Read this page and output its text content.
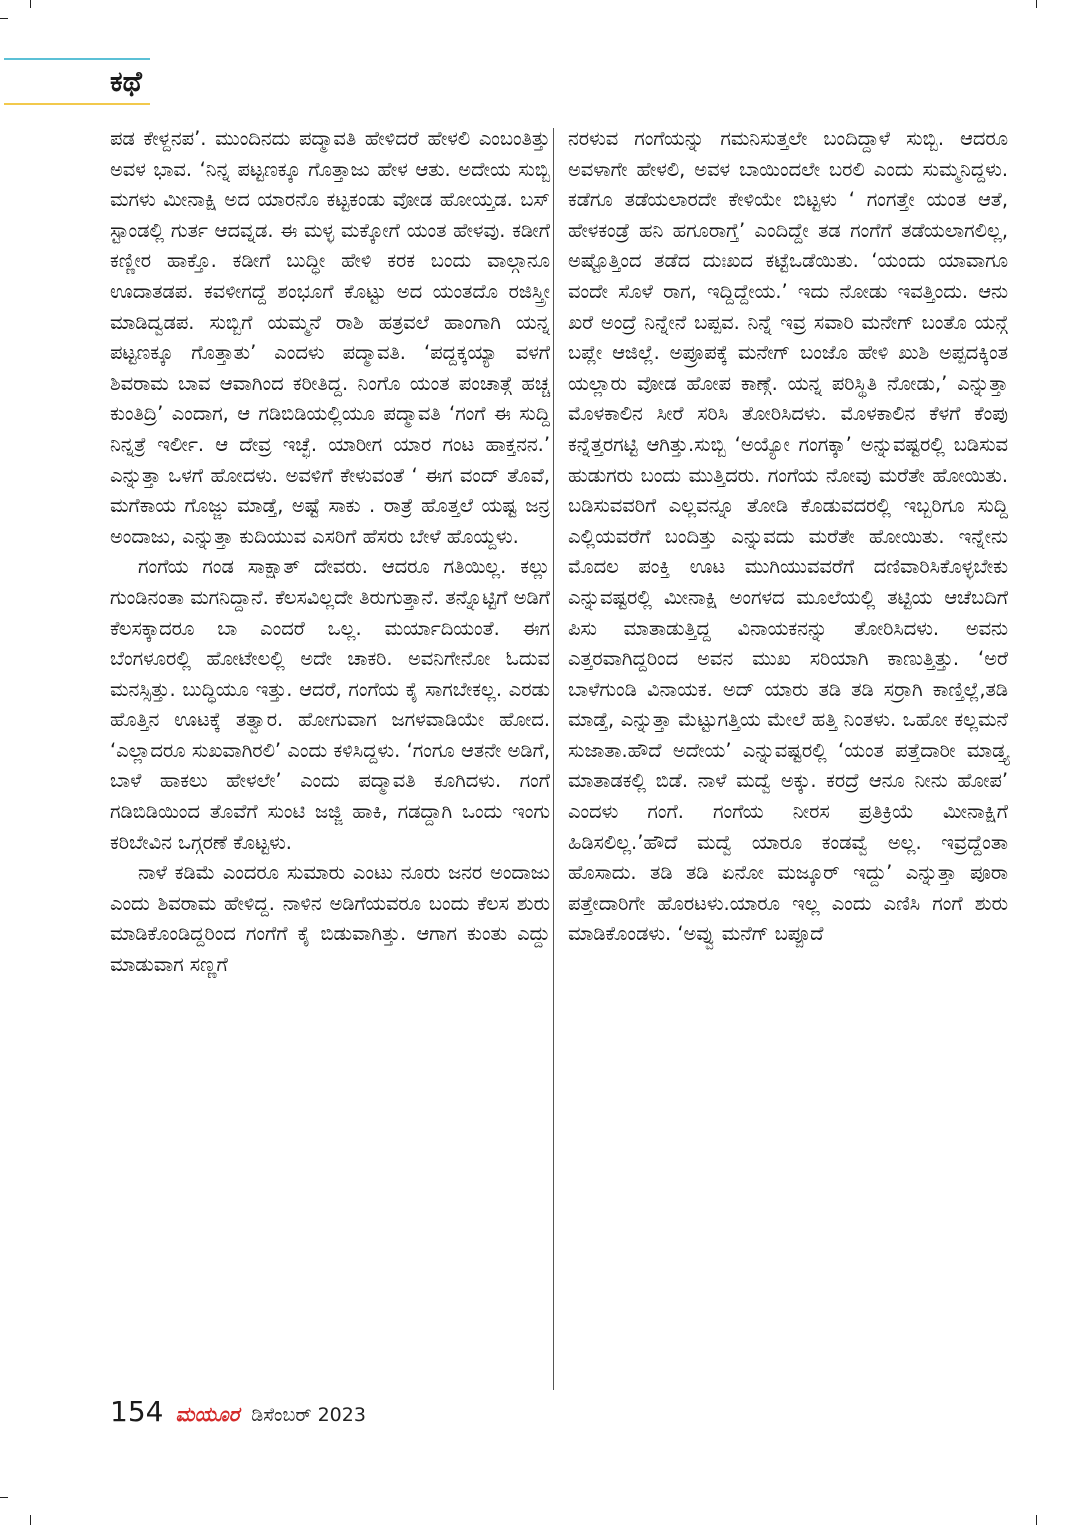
ಕಥೆ

ಪಡ ಕೇಳ್ದನಪ’. ಮುಂದಿನದು ಪದ್ಮಾವತಿ ಹೇಳಿದರೆ ಹೇಳಲಿ ಎಂಬಂತಿತ್ತು ಅವಳ ಭಾವ. ‘ನಿನ್ನ ಪಟ್ಟಣಕ್ಕೂ ಗೊತ್ತಾಜು ಹೇಳ ಆತು. ಅದೇಯ ಸುಬ್ಬಿ ಮಗಳು ಮೀನಾಕ್ಷಿ ಅದ ಯಾರನೊ ಕಟ್ಟಕಂಡು ವೋಡ ಹೋಯ್ತಡ. ಬಸ್ ಸ್ಟಾಂಡಲ್ಲಿ ಗುರ್ತ ಆದವ್ನಡ. ಈ ಮಳ್ಳ ಮಕ್ಕೋಗೆ ಯಂತ ಹೇಳವು. ಕಡೀಗೆ ಕಣ್ಣೀರ ಹಾಕ್ತೊ. ಕಡೀಗೆ ಬುದ್ಧೀ ಹೇಳಿ ಕರಕ ಬಂದು ವಾಲ್ಗಾನೂ ಊದಾತಡಪ. ಕವಳೀಗದ್ದೆ ಶಂಭೂಗೆ ಕೊಟ್ಟು ಅದ ಯಂತದೊ ರಜಿಸ್ತ್ರೀ ಮಾಡಿದ್ವಡಪ. ಸುಬ್ಬಿಗೆ ಯಮ್ಮನೆ ರಾಶಿ ಹತ್ರವಲೆ ಹಾಂಗಾಗಿ ಯನ್ನ ಪಟ್ಟಣಕ್ಕೂ ಗೊತ್ತಾತು’ ಎಂದಳು ಪದ್ಮಾವತಿ. ‘ಪದ್ದಕ್ಕಯ್ಯಾ ವಳಗೆ ಶಿವರಾಮ ಬಾವ ಆವಾಗಿಂದ ಕರೀತಿದ್ದ. ನಿಂಗೊ ಯಂತ ಪಂಚಾತ್ಗೆ ಹಚ್ಚ ಕುಂತಿದ್ರಿ’ ಎಂದಾಗ, ಆ ಗಡಿಬಿಡಿಯಲ್ಲಿಯೂ ಪದ್ಮಾವತಿ ‘ಗಂಗೆ ಈ ಸುದ್ದಿ ನಿನ್ನತ್ರೆ ಇರ್ಲೀ. ಆ ದೇವ್ರ ಇಚ್ಛೆ. ಯಾರೀಗ ಯಾರ ಗಂಟ ಹಾಕ್ತನನ.’ ಎನ್ನುತ್ತಾ ಒಳಗೆ ಹೋದಳು. ಅವಳಿಗೆ ಕೇಳುವಂತೆ ‘ ಈಗ ವಂದ್ ತೊವೆ, ಮಗೆಕಾಯ ಗೊಜ್ಜು ಮಾಡ್ತೆ, ಅಷ್ಟೆ ಸಾಕು . ರಾತ್ರೆ ಹೊತ್ತಲೆ ಯಷ್ಟ ಜನ್ರ ಅಂದಾಜು, ಎನ್ನುತ್ತಾ ಕುದಿಯುವ ಎಸರಿಗೆ ಹೆಸರು ಬೇಳೆ ಹೊಯ್ದಳು.

ಗಂಗೆಯ ಗಂಡ ಸಾಕ್ಷಾತ್ ದೇವರು. ಆದರೂ ಗತಿಯಿಲ್ಲ. ಕಲ್ಲು ಗುಂಡಿನಂತಾ ಮಗನಿದ್ದಾನೆ. ಕೆಲಸವಿಲ್ಲದೇ ತಿರುಗುತ್ತಾನೆ. ತನ್ನೊಟ್ಟಿಗೆ ಅಡಿಗೆ ಕೆಲಸಕ್ಕಾದರೂ ಬಾ ಎಂದರೆ ಒಲ್ಲ. ಮರ್ಯಾದಿಯಂತೆ. ಈಗ ಬೆಂಗಳೂರಲ್ಲಿ ಹೋಟೇಲಲ್ಲಿ ಅದೇ ಚಾಕರಿ. ಅವನಿಗೇನೋ ಓದುವ ಮನಸ್ಸಿತ್ತು. ಬುದ್ಧಿಯೂ ಇತ್ತು. ಆದರೆ, ಗಂಗೆಯ ಕೈ ಸಾಗಬೇಕಲ್ಲ. ಎರಡು ಹೊತ್ತಿನ ಊಟಕ್ಕೆ ತತ್ವಾರ. ಹೋಗುವಾಗ ಜಗಳವಾಡಿಯೇ ಹೋದ. ‘ಎಲ್ಲಾದರೂ ಸುಖವಾಗಿರಲಿ’ ಎಂದು ಕಳಿಸಿದ್ದಳು. ‘ಗಂಗೂ ಆತನೇ ಅಡಿಗೆ, ಬಾಳೆ ಹಾಕಲು ಹೇಳಲೇ’ ಎಂದು ಪದ್ಮಾವತಿ ಕೂಗಿದಳು. ಗಂಗೆ ಗಡಿಬಿಡಿಯಿಂದ ತೊವೆಗೆ ಸುಂಟಿ ಜಜ್ಜಿ ಹಾಕಿ, ಗಡದ್ದಾಗಿ ಒಂದು ಇಂಗು ಕರಿಬೇವಿನ ಒಗ್ಗರಣೆ ಕೊಟ್ಟಳು.

ನಾಳೆ ಕಡಿಮೆ ಎಂದರೂ ಸುಮಾರು ಎಂಟು ನೂರು ಜನರ ಅಂದಾಜು ಎಂದು ಶಿವರಾಮ ಹೇಳಿದ್ದ. ನಾಳಿನ ಅಡಿಗೆಯವರೂ ಬಂದು ಕೆಲಸ ಶುರು ಮಾಡಿಕೊಂಡಿದ್ದರಿಂದ ಗಂಗೆಗೆ ಕೈ ಬಿಡುವಾಗಿತ್ತು. ಆಗಾಗ ಕುಂತು ಎದ್ದು ಮಾಡುವಾಗ ಸಣ್ಣಗೆ

ನರಳುವ ಗಂಗೆಯನ್ನು ಗಮನಿಸುತ್ತಲೇ ಬಂದಿದ್ದಾಳೆ ಸುಬ್ಬಿ. ಆದರೂ ಅವಳಾಗೇ ಹೇಳಲಿ, ಅವಳ ಬಾಯಿಂದಲೇ ಬರಲಿ ಎಂದು ಸುಮ್ಮನಿದ್ದಳು. ಕಡೆಗೂ ತಡೆಯಲಾರದೇ ಕೇಳಿಯೇ ಬಿಟ್ಟಳು ‘ ಗಂಗತ್ತೇ ಯಂತ ಆತೆ, ಹೇಳಕಂಡ್ರೆ ಹನಿ ಹಗೂರಾಗ್ತೆ’ ಎಂದಿದ್ದೇ ತಡ ಗಂಗೆಗೆ ತಡೆಯಲಾಗಲಿಲ್ಲ, ಅಷ್ಟೊತ್ತಿಂದ ತಡೆದ ದುಃಖದ ಕಟ್ಟೆಒಡೆಯಿತು. ‘ಯಂದು ಯಾವಾಗೂ ವಂದೇ ಸೊಳೆ ರಾಗ, ಇದ್ದಿದ್ದೇಯ.’ ಇದು ನೋಡು ಇವತ್ತಿಂದು. ಆನು ಖರೆ ಅಂದ್ರೆ ನಿನ್ನೇನೆ ಬಪ್ಪವ. ನಿನ್ನೆ ಇವ್ರ ಸವಾರಿ ಮನೇಗ್ ಬಂತೊ ಯನ್ಗೆ ಬಪ್ಲೇ ಆಜಿಲ್ಲೆ. ಅಪ್ರೂಪಕ್ಕೆ ಮನೇಗ್ ಬಂಜೊ ಹೇಳಿ ಖುಶಿ ಅಪ್ಪದಕ್ಕಿಂತ ಯಲ್ಲಾರು ವೋಡ ಹೋಪ ಕಾಣ್ಗೆ. ಯನ್ನ ಪರಿಸ್ಥಿತಿ ನೋಡು,’ ಎನ್ನುತ್ತಾ ಮೊಳಕಾಲಿನ ಸೀರೆ ಸರಿಸಿ ತೋರಿಸಿದಳು. ಮೊಳಕಾಲಿನ ಕೆಳಗೆ ಕೆಂಪು ಕನ್ನೆತ್ತರಗಟ್ಟಿ ಆಗಿತ್ತು.ಸುಬ್ಬಿ ‘ಅಯ್ಯೋ ಗಂಗಕ್ಕಾ’ ಅನ್ನುವಷ್ಟರಲ್ಲಿ ಬಡಿಸುವ ಹುಡುಗರು ಬಂದು ಮುತ್ತಿದರು. ಗಂಗೆಯ ನೋವು ಮರೆತೇ ಹೋಯಿತು. ಬಡಿಸುವವರಿಗೆ ಎಲ್ಲವನ್ನೂ ತೋಡಿ ಕೊಡುವದರಲ್ಲಿ ಇಬ್ಬರಿಗೂ ಸುದ್ದಿ ಎಲ್ಲಿಯವರೆಗೆ ಬಂದಿತ್ತು ಎನ್ನುವದು ಮರೆತೇ ಹೋಯಿತು. ಇನ್ನೇನು ಮೊದಲ ಪಂಕ್ತಿ ಊಟ ಮುಗಿಯುವವರೆಗೆ ದಣಿವಾರಿಸಿಕೊಳ್ಳಬೇಕು ಎನ್ನುವಷ್ಟರಲ್ಲಿ ಮೀನಾಕ್ಷಿ ಅಂಗಳದ ಮೂಲೆಯಲ್ಲಿ ತಟ್ಟಿಯ ಆಚೆಬದಿಗೆ ಪಿಸು ಮಾತಾಡುತ್ತಿದ್ದ ವಿನಾಯಕನನ್ನು ತೋರಿಸಿದಳು. ಅವನು ಎತ್ತರವಾಗಿದ್ದರಿಂದ ಅವನ ಮುಖ ಸರಿಯಾಗಿ ಕಾಣುತ್ತಿತ್ತು. ‘ಅರೆ ಬಾಳೆಗುಂಡಿ ವಿನಾಯಕ. ಅದ್ ಯಾರು ತಡಿ ತಡಿ ಸರ್ರಾಗಿ ಕಾಣ್ತಿಲ್ಲೆ,ತಡಿ ಮಾಡ್ತೆ, ಎನ್ನುತ್ತಾ ಮೆಟ್ಟುಗತ್ತಿಯ ಮೇಲೆ ಹತ್ತಿ ನಿಂತಳು. ಒಹೋ ಕಲ್ಲಮನೆ ಸುಜಾತಾ.ಹೌದೆ ಅದೇಯ’ ಎನ್ನುವಷ್ಟರಲ್ಲಿ ‘ಯಂತ ಪತ್ತೆದಾರೀ ಮಾಡ್ತ್ಯ ಮಾತಾಡಕಲ್ಲಿ ಬಿಡೆ. ನಾಳೆ ಮದ್ವೆ ಅಕ್ಕು. ಕರದ್ರೆ ಆನೂ ನೀನು ಹೋಪ’ ಎಂದಳು ಗಂಗೆ. ಗಂಗೆಯ ನೀರಸ ಪ್ರತಿಕ್ರಿಯೆ ಮೀನಾಕ್ಷಿಗೆ ಹಿಡಿಸಲಿಲ್ಲ.’ಹೌದೆ ಮದ್ವೆ ಯಾರೂ ಕಂಡವ್ವೆ ಅಲ್ಲ. ಇವ್ರದ್ದೆಂತಾ ಹೊಸಾದು. ತಡಿ ತಡಿ ಏನೋ ಮಜ್ಕೂರ್ ಇದ್ದು’ ಎನ್ನುತ್ತಾ ಪೂರಾ ಪತ್ತೇದಾರಿಗೇ ಹೊರಟಳು.ಯಾರೂ ಇಲ್ಲ ಎಂದು ಎಣಿಸಿ ಗಂಗೆ ಶುರು ಮಾಡಿಕೊಂಡಳು. ‘ಅವ್ವು ಮನೆಗ್ ಬಪ್ಪೂದೆ

154 ಮಯೂರ ಡಿಸೆಂಬರ್ 2023
